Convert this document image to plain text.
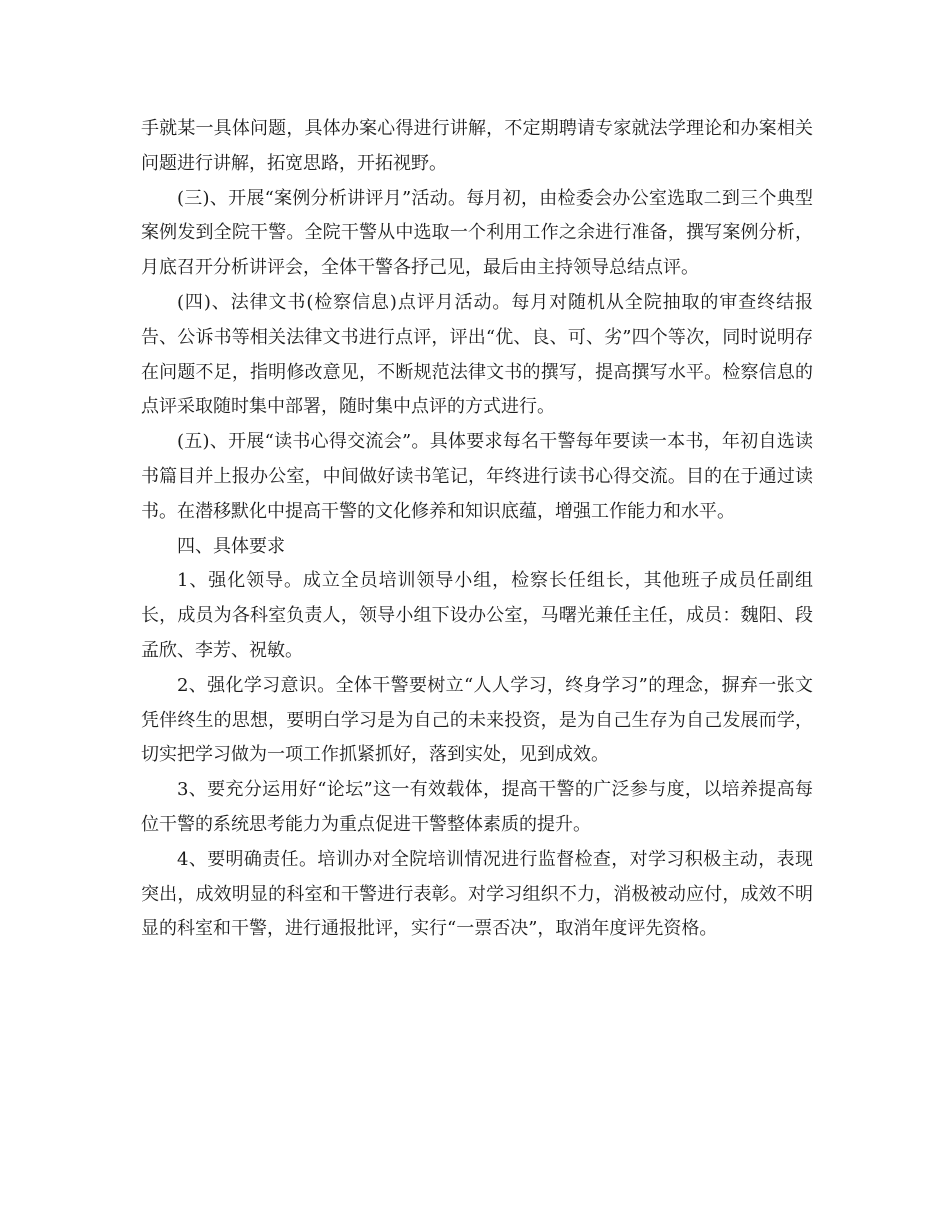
手就某一具体问题，具体办案心得进行讲解，不定期聘请专家就法学理论和办案相关问题进行讲解，拓宽思路，开拓视野。

(三)、开展“案例分析讲评月”活动。每月初，由检委会办公室选取二到三个典型案例发到全院干警。全院干警从中选取一个利用工作之余进行准备，撰写案例分析，月底召开分析讲评会，全体干警各抒己见，最后由主持领导总结点评。

(四)、法律文书(检察信息)点评月活动。每月对随机从全院抽取的审查终结报告、公诉书等相关法律文书进行点评，评出“优、良、可、劣”四个等次，同时说明存在问题不足，指明修改意见，不断规范法律文书的撰写，提高撰写水平。检察信息的点评采取随时集中部署，随时集中点评的方式进行。

(五)、开展“读书心得交流会”。具体要求每名干警每年要读一本书，年初自选读书篇目并上报办公室，中间做好读书笔记，年终进行读书心得交流。目的在于通过读书。在潜移默化中提高干警的文化修养和知识底蕴，增强工作能力和水平。

四、具体要求

1、强化领导。成立全员培训领导小组，检察长任组长，其他班子成员任副组长，成员为各科室负责人，领导小组下设办公室，马曙光兼任主任，成员：魏阳、段孟欣、李芳、祝敏。

2、强化学习意识。全体干警要树立“人人学习，终身学习”的理念，摒弃一张文凭伴终生的思想，要明白学习是为自己的未来投资，是为自己生存为自己发展而学，切实把学习做为一项工作抓紧抓好，落到实处，见到成效。

3、要充分运用好“论坛”这一有效载体，提高干警的广泛参与度，以培养提高每位干警的系统思考能力为重点促进干警整体素质的提升。

4、要明确责任。培训办对全院培训情况进行监督检查，对学习积极主动，表现突出，成效明显的科室和干警进行表彰。对学习组织不力，消极被动应付，成效不明显的科室和干警，进行通报批评，实行“一票否决”，取消年度评先资格。
